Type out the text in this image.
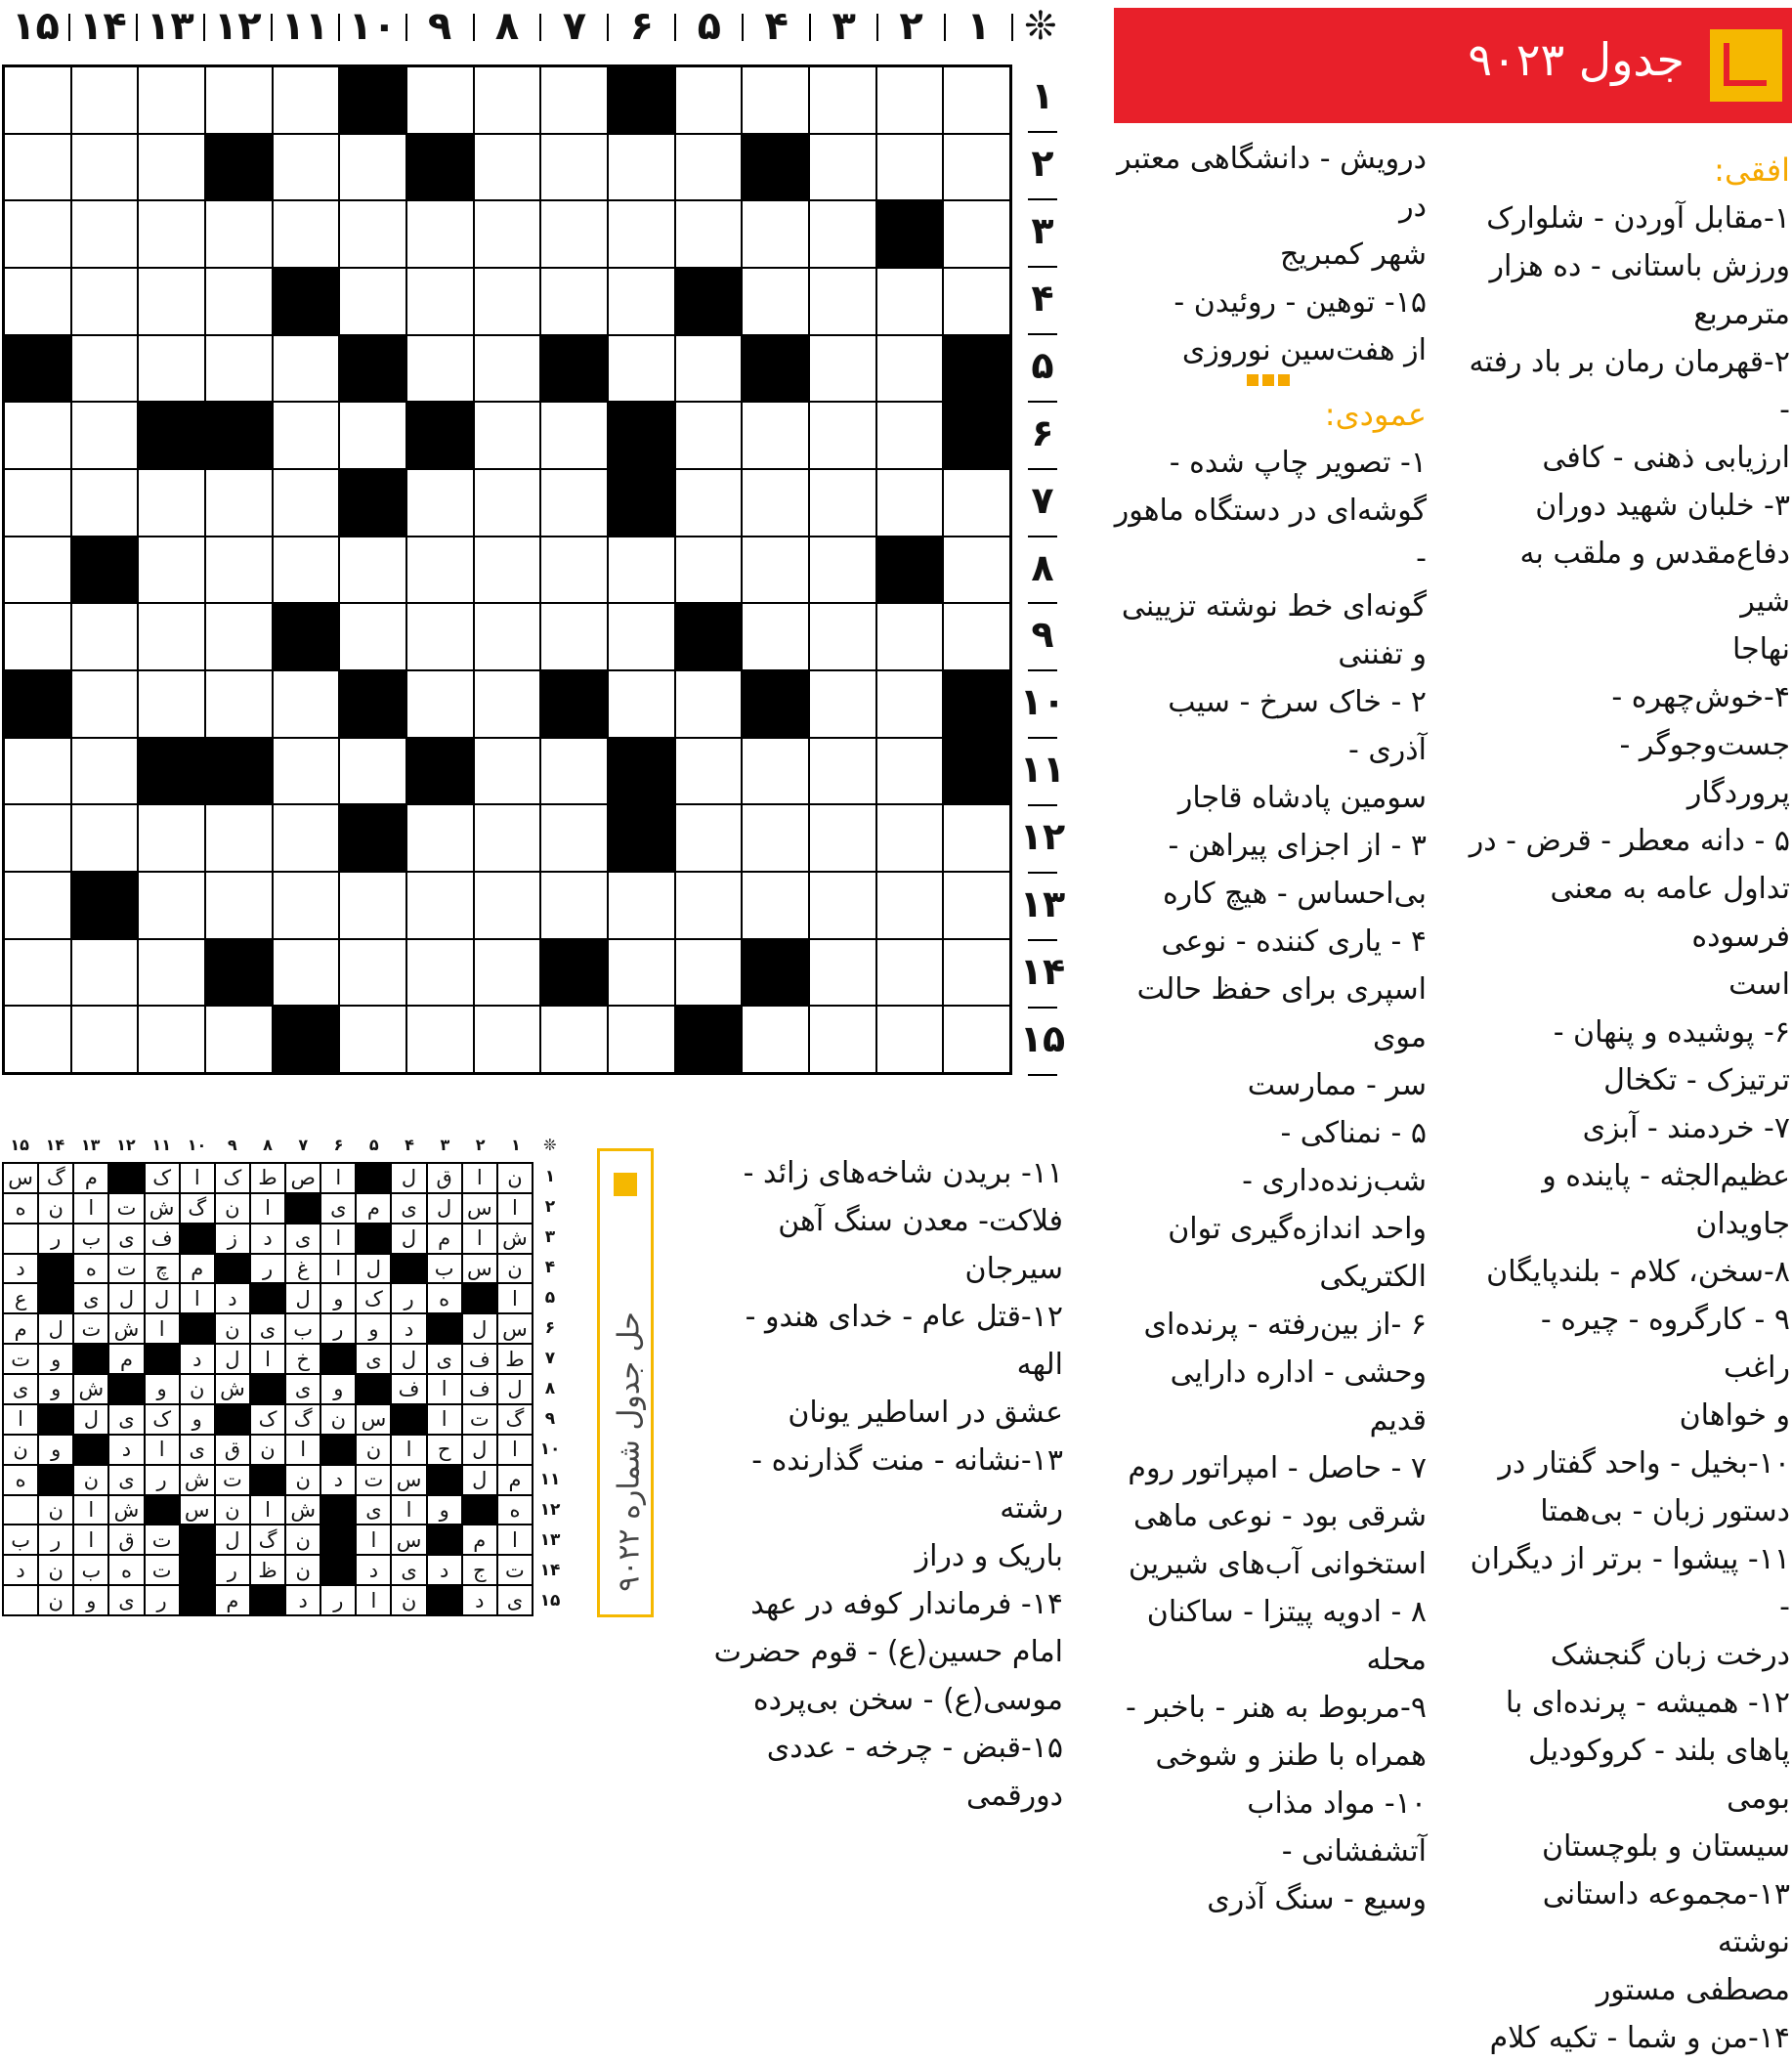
❊
۱
۲
۳
۴
۵
۶
۷
۸
۹
۱۰
۱۱
۱۲
۱۳
۱۴
۱۵
۱
۲
۳
۴
۵
۶
۷
۸
۹
۱۰
۱۱
۱۲
۱۳
۱۴
۱۵
جدول ۹۰۲۳

افقی:

۱-مقابل آوردن - شلوارک

ورزش باستانی - ده هزار

مترمربع

۲-قهرمان رمان بر باد رفته -

ارزیابی ذهنی - کافی

۳- خلبان شهید دوران

دفاع‌مقدس و ملقب به شیر

نهاجا

۴-خوش‌چهره - جست‌وجوگر -

پروردگار

۵ - دانه معطر - قرض - در

تداول عامه به معنی فرسوده

است

۶- پوشیده و پنهان -

ترتیزک - تکخال

۷- خردمند - آبزی

عظیم‌الجثه - پاینده و جاویدان

۸-سخن، کلام - بلندپایگان

۹ - کارگروه - چیره - راغب

و خواهان

۱۰-بخیل - واحد گفتار در

دستور زبان - بی‌همتا

۱۱- پیشوا - برتر از دیگران -

درخت زبان گنجشک

۱۲- همیشه - پرنده‌ای با

پاهای بلند - کروکودیل بومی

سیستان و بلوچستان

۱۳-مجموعه داستانی نوشته

مصطفی مستور

۱۴-من و شما - تکیه کلام

درویش - دانشگاهی معتبر در

شهر کمبریج

۱۵- توهین - روئیدن -

از هفت‌سین نوروزی

عمودی:

۱- تصویر چاپ شده -

گوشه‌ای در دستگاه ماهور -

گونه‌ای خط نوشته تزیینی

و تفننی

۲ - خاک سرخ - سیب آذری -

سومین پادشاه قاجار

۳ - از اجزای پیراهن -

بی‌احساس - هیچ کاره

۴ - یاری کننده - نوعی

اسپری برای حفظ حالت موی

سر - ممارست

۵ - نمناکی - شب‌زنده‌داری -

واحد اندازه‌گیری توان

الکتریکی

۶ -از بین‌رفته - پرنده‌ای

وحشی - اداره دارایی قدیم

۷ - حاصل - امپراتور روم

شرقی بود - نوعی ماهی

استخوانی آب‌های شیرین

۸ - ادویه پیتزا - ساکنان

محله

۹-مربوط به هنر - باخبر -

همراه با طنز و شوخی

۱۰- مواد مذاب آتشفشانی -

وسیع - سنگ آذری

۱۱- بریدن شاخه‌های زائد -

فلاکت- معدن سنگ آهن سیرجان

۱۲-قتل عام - خدای هندو - الهه

عشق در اساطیر یونان

۱۳-نشانه - منت گذارنده - رشته

باریک و دراز

۱۴- فرماندار کوفه در عهد

امام حسین(ع) - قوم حضرت

موسی(ع) - سخن بی‌پرده

۱۵-قبض - چرخه - عددی دورقمی

حل جدول شماره ۹۰۲۲
❊
۱
۲
۳
۴
۵
۶
۷
۸
۹
۱۰
۱۱
۱۲
۱۳
۱۴
۱۵
۱
۲
۳
۴
۵
۶
۷
۸
۹
۱۰
۱۱
۱۲
۱۳
۱۴
۱۵
ن
ا
ق
ل
ا
ص
ط
ک
ا
ک
م
گ
س
ا
س
ل
ی
م
ی
ا
ن
گ
ش
ت
ا
ن
ه
ش
ا
م
ل
ا
ی
د
ز
ف
ی
ب
ر
ن
س
ب
ل
ا
غ
ر
م
چ
ت
ه
د
ا
ه
ر
ک
و
ل
د
ا
ل
ل
ی
ع
س
ل
د
و
ر
ب
ی
ن
ا
ش
ت
ل
م
ط
ف
ی
ل
ی
خ
ا
ل
د
م
و
ت
ل
ف
ا
ف
و
ی
ش
ن
و
ش
و
ی
گ
ت
ا
س
ن
گ
ک
و
ک
ی
ل
ا
ا
ل
ح
ا
ن
ا
ن
ق
ی
ا
د
و
ن
م
ل
س
ت
د
ن
ت
ش
ر
ی
ن
ه
ه
و
ا
ی
ش
ا
ن
س
ش
ا
ن
ا
م
س
ا
ن
گ
ل
ت
ق
ا
ر
ب
ت
ج
د
ی
د
ن
ظ
ر
ت
ه
ب
ن
د
ی
د
ن
ا
ر
د
م
ر
ی
و
ن
